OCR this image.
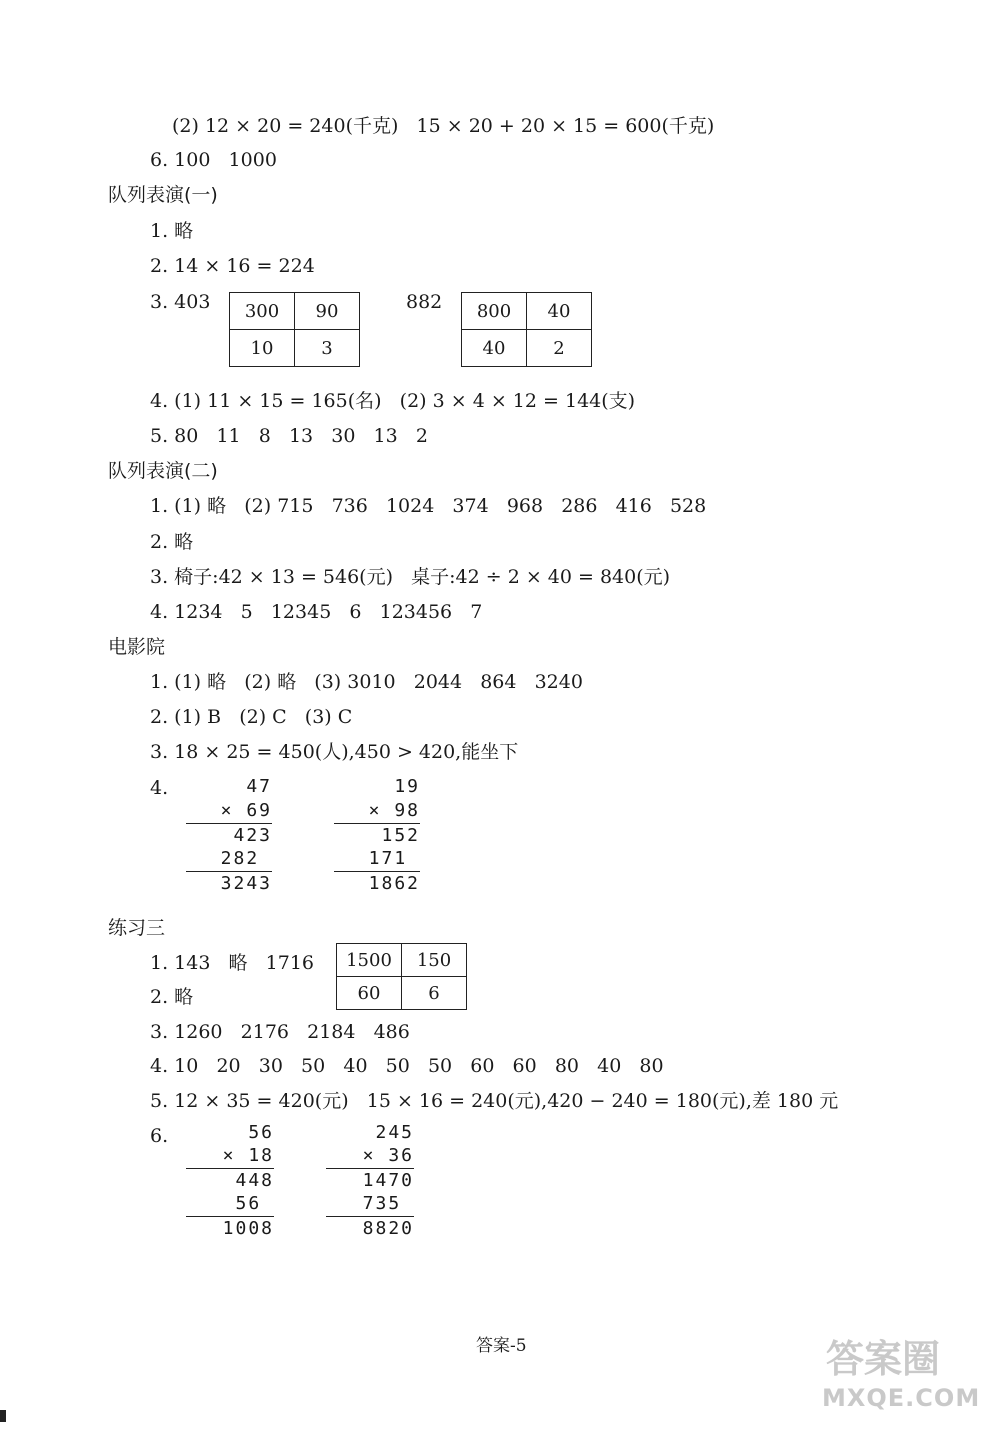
(2) 12 × 20 = 240(千克)   15 × 20 + 20 × 15 = 600(千克)
6. 100   1000
队列表演(一)
1. 略
2. 14 × 16 = 224
3. 403	882
300	90
10	3
800	40
40	2
4. (1) 11 × 15 = 165(名)   (2) 3 × 4 × 12 = 144(支)
5. 80   11   8   13   30   13   2
队列表演(二)
1. (1) 略   (2) 715   736   1024   374   968   286   416   528
2. 略
3. 椅子:42 × 13 = 546(元)   桌子:42 ÷ 2 × 40 = 840(元)
4. 1234   5   12345   6   123456   7
电影院
1. (1) 略   (2) 略   (3) 3010   2044   864   3240
2. (1) B   (2) C   (3) C
3. 18 × 25 = 450(人),450 > 420,能坐下
4.	47
× 69
423
282
3243
19
× 98
152
171
1862
练习三
1. 143   略   1716 1500	150
60	6
2. 略
3. 1260   2176   2184   486
4. 10   20   30   50   40   50   50   60   60   80   40   80
5. 12 × 35 = 420(元)   15 × 16 = 240(元),420 − 240 = 180(元),差 180 元
6.	56
× 18
448
56
1008
245
× 36
1470
735
8820
答案-5	答案圈
MXQE.COM
